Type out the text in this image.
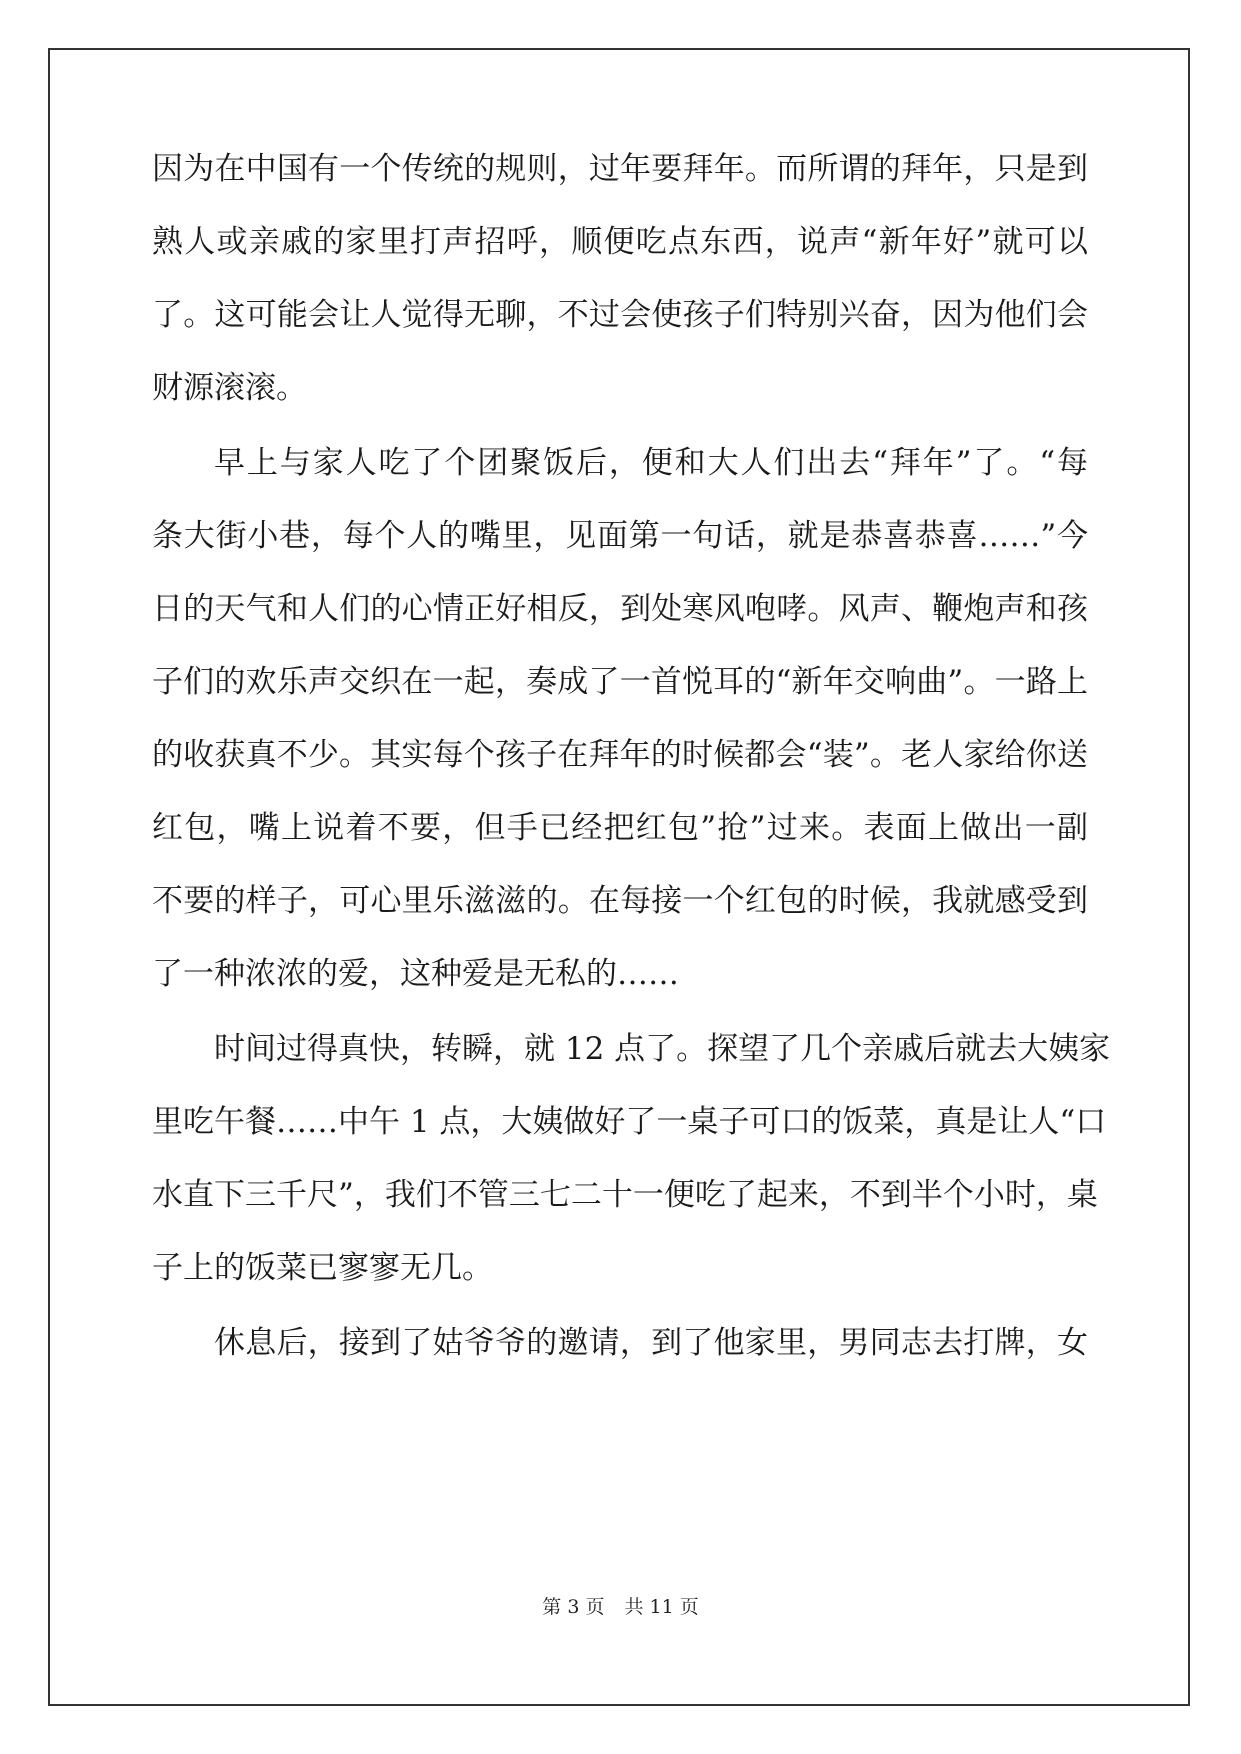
因为在中国有一个传统的规则，过年要拜年。而所谓的拜年，只是到
熟人或亲戚的家里打声招呼，顺便吃点东西，说声“新年好”就可以
了。这可能会让人觉得无聊，不过会使孩子们特别兴奋，因为他们会
财源滚滚。
早上与家人吃了个团聚饭后，便和大人们出去“拜年”了。“每
条大街小巷，每个人的嘴里，见面第一句话，就是恭喜恭喜……”今
日的天气和人们的心情正好相反，到处寒风咆哮。风声、鞭炮声和孩
子们的欢乐声交织在一起，奏成了一首悦耳的“新年交响曲”。一路上
的收获真不少。其实每个孩子在拜年的时候都会“装”。老人家给你送
红包，嘴上说着不要，但手已经把红包”抢”过来。表面上做出一副
不要的样子，可心里乐滋滋的。在每接一个红包的时候，我就感受到
了一种浓浓的爱，这种爱是无私的……
时间过得真快，转瞬，就 12 点了。探望了几个亲戚后就去大姨家
里吃午餐……中午 1 点，大姨做好了一桌子可口的饭菜，真是让人“口
水直下三千尺”，我们不管三七二十一便吃了起来，不到半个小时，桌
子上的饭菜已寥寥无几。
休息后，接到了姑爷爷的邀请，到了他家里，男同志去打牌，女
第 3 页 共 11 页
